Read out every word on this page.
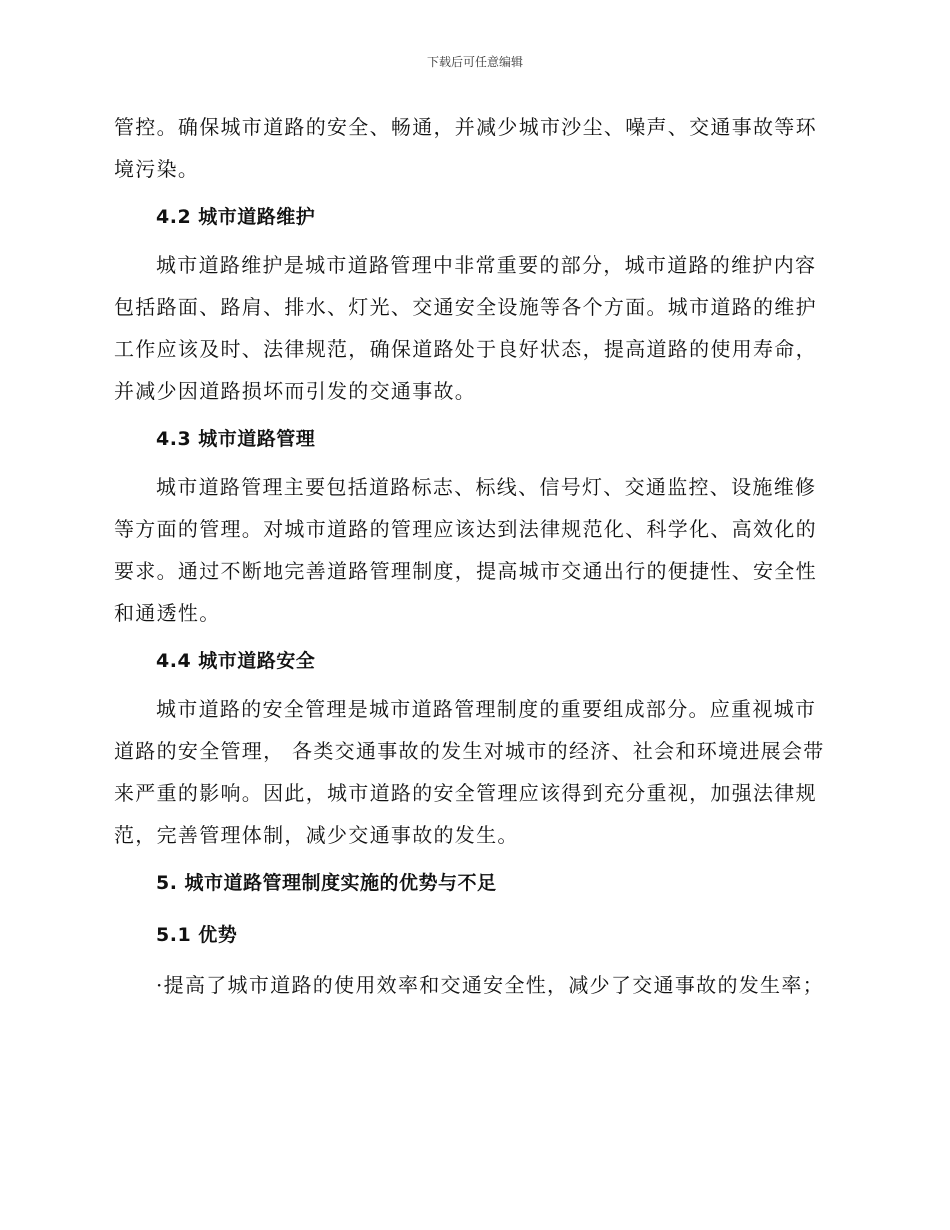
下载后可任意编辑

管控。确保城市道路的安全、畅通，并减少城市沙尘、噪声、交通事故等环境污染。

4.2 城市道路维护

城市道路维护是城市道路管理中非常重要的部分，城市道路的维护内容包括路面、路肩、排水、灯光、交通安全设施等各个方面。城市道路的维护工作应该及时、法律规范，确保道路处于良好状态，提高道路的使用寿命，并减少因道路损坏而引发的交通事故。

4.3 城市道路管理

城市道路管理主要包括道路标志、标线、信号灯、交通监控、设施维修等方面的管理。对城市道路的管理应该达到法律规范化、科学化、高效化的要求。通过不断地完善道路管理制度，提高城市交通出行的便捷性、安全性和通透性。

4.4 城市道路安全

城市道路的安全管理是城市道路管理制度的重要组成部分。应重视城市道路的安全管理， 各类交通事故的发生对城市的经济、社会和环境进展会带来严重的影响。因此，城市道路的安全管理应该得到充分重视，加强法律规范，完善管理体制，减少交通事故的发生。

5. 城市道路管理制度实施的优势与不足
5.1 优势

·提高了城市道路的使用效率和交通安全性，减少了交通事故的发生率；
